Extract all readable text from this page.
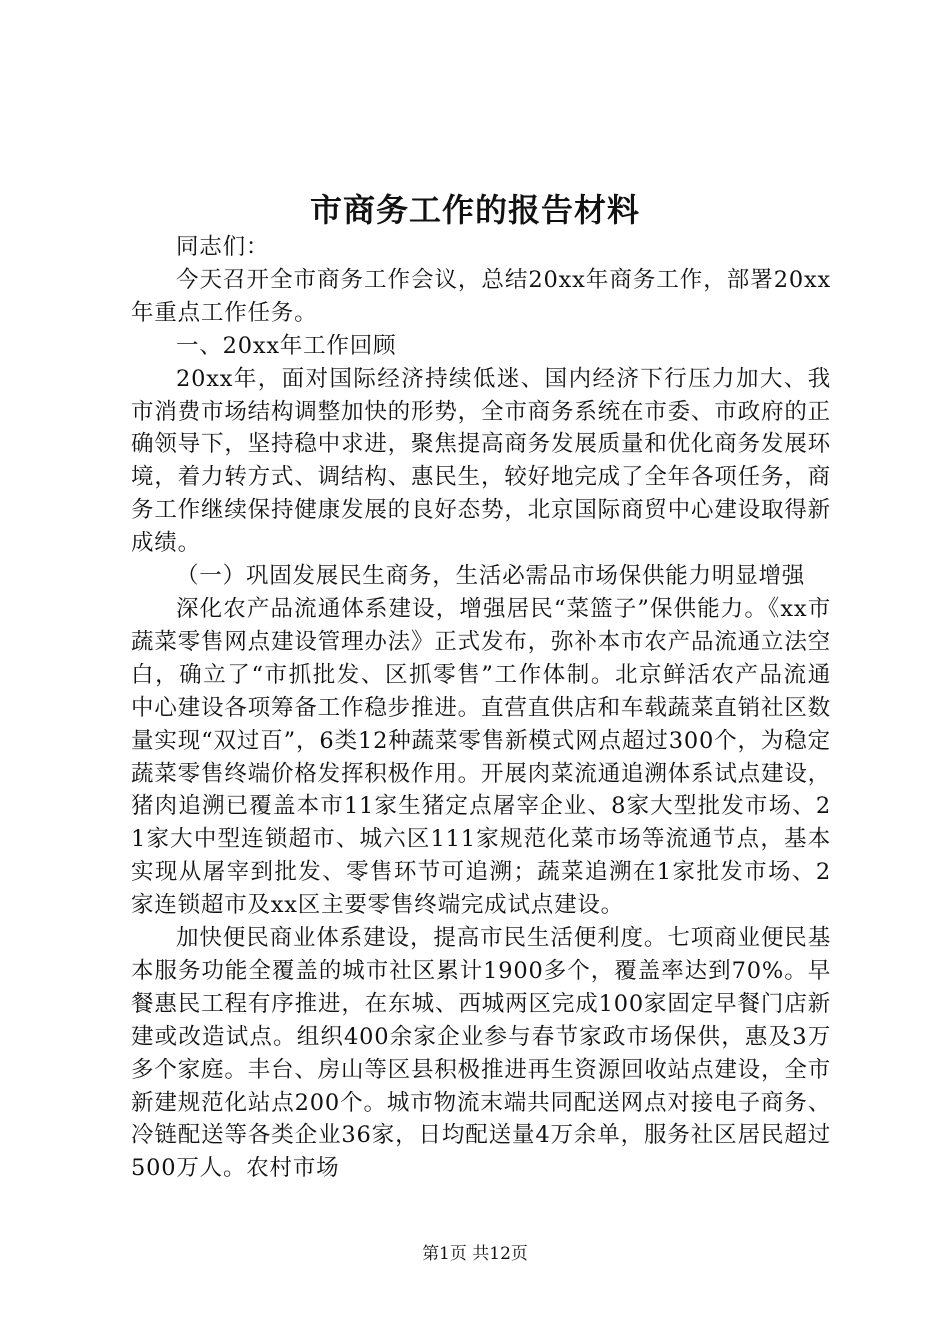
市商务工作的报告材料

同志们：

今天召开全市商务工作会议，总结20xx年商务工作，部署20xx年重点工作任务。

一、20xx年工作回顾

20xx年，面对国际经济持续低迷、国内经济下行压力加大、我市消费市场结构调整加快的形势，全市商务系统在市委、市政府的正确领导下，坚持稳中求进，聚焦提高商务发展质量和优化商务发展环境，着力转方式、调结构、惠民生，较好地完成了全年各项任务，商务工作继续保持健康发展的良好态势，北京国际商贸中心建设取得新成绩。

（一）巩固发展民生商务，生活必需品市场保供能力明显增强

深化农产品流通体系建设，增强居民“菜篮子”保供能力。《xx市蔬菜零售网点建设管理办法》正式发布，弥补本市农产品流通立法空白，确立了“市抓批发、区抓零售”工作体制。北京鲜活农产品流通中心建设各项筹备工作稳步推进。直营直供店和车载蔬菜直销社区数量实现“双过百”，6类12种蔬菜零售新模式网点超过300个，为稳定蔬菜零售终端价格发挥积极作用。开展肉菜流通追溯体系试点建设，猪肉追溯已覆盖本市11家生猪定点屠宰企业、8家大型批发市场、21家大中型连锁超市、城六区111家规范化菜市场等流通节点，基本实现从屠宰到批发、零售环节可追溯；蔬菜追溯在1家批发市场、2家连锁超市及xx区主要零售终端完成试点建设。

加快便民商业体系建设，提高市民生活便利度。七项商业便民基本服务功能全覆盖的城市社区累计1900多个，覆盖率达到70%。早餐惠民工程有序推进，在东城、西城两区完成100家固定早餐门店新建或改造试点。组织400余家企业参与春节家政市场保供，惠及3万多个家庭。丰台、房山等区县积极推进再生资源回收站点建设，全市新建规范化站点200个。城市物流末端共同配送网点对接电子商务、冷链配送等各类企业36家，日均配送量4万余单，服务社区居民超过500万人。农村市场

第1页 共12页
